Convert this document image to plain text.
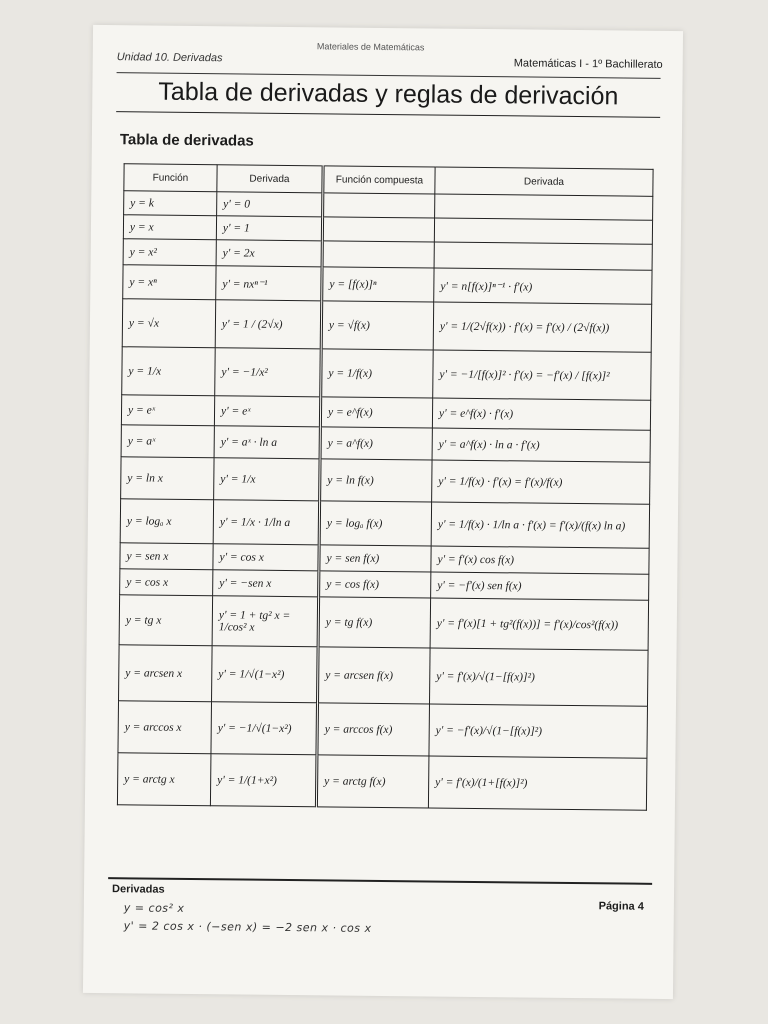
Unidad 10. Derivadas
Materiales de Matemáticas
Matemáticas I - 1º Bachillerato
Tabla de derivadas y reglas de derivación
Tabla de derivadas
Función	Derivada	Función compuesta	Derivada
y = k	y' = 0		
y = x	y' = 1		
y = x²	y' = 2x		
y = xⁿ	y' = nxⁿ⁻¹	y = [f(x)]ⁿ	y' = n[f(x)]ⁿ⁻¹ · f'(x)
y = √x	y' = 1 / (2√x)	y = √f(x)	y' = 1/(2√f(x)) · f'(x) = f'(x) / (2√f(x))
y = 1/x	y' = −1/x²	y = 1/f(x)	y' = −1/[f(x)]² · f'(x) = −f'(x) / [f(x)]²
y = eˣ	y' = eˣ	y = e^f(x)	y' = e^f(x) · f'(x)
y = aˣ	y' = aˣ · ln a	y = a^f(x)	y' = a^f(x) · ln a · f'(x)
y = ln x	y' = 1/x	y = ln f(x)	y' = 1/f(x) · f'(x) = f'(x)/f(x)
y = logₐ x	y' = 1/x · 1/ln a	y = logₐ f(x)	y' = 1/f(x) · 1/ln a · f'(x) = f'(x)/(f(x) ln a)
y = sen x	y' = cos x	y = sen f(x)	y' = f'(x) cos f(x)
y = cos x	y' = −sen x	y = cos f(x)	y' = −f'(x) sen f(x)
y = tg x	y' = 1 + tg² x = 1/cos² x	y = tg f(x)	y' = f'(x)[1 + tg²(f(x))] = f'(x)/cos²(f(x))
y = arcsen x	y' = 1/√(1−x²)	y = arcsen f(x)	y' = f'(x)/√(1−[f(x)]²)
y = arccos x	y' = −1/√(1−x²)	y = arccos f(x)	y' = −f'(x)/√(1−[f(x)]²)
y = arctg x	y' = 1/(1+x²)	y = arctg f(x)	y' = f'(x)/(1+[f(x)]²)
Derivadas
Página 4
y = cos² x
y' = 2 cos x · (−sen x) = −2 sen x · cos x
